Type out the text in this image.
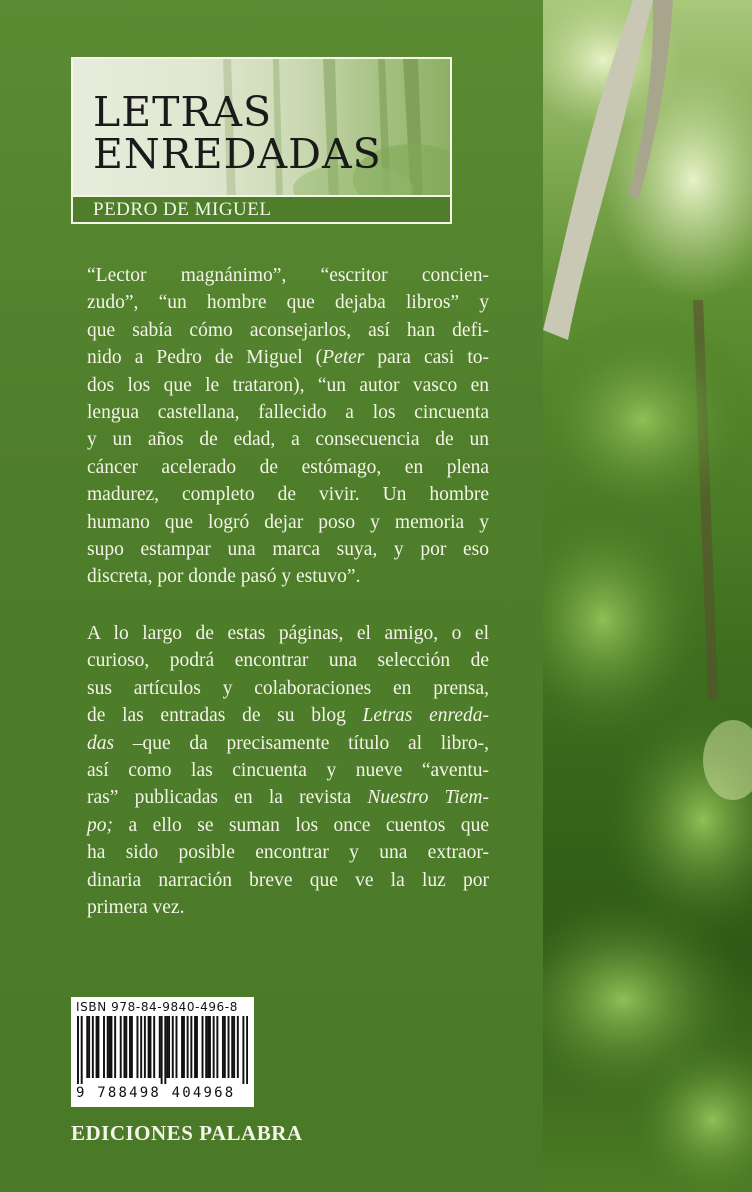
LETRAS
ENREDADAS
PEDRO DE MIGUEL

“Lector magnánimo”, “escritor concien-
zudo”, “un hombre que dejaba libros” y
que sabía cómo aconsejarlos, así han defi-
nido a Pedro de Miguel (Peter para casi to-
dos los que le trataron), “un autor vasco en
lengua castellana, fallecido a los cincuenta
y un años de edad, a consecuencia de un
cáncer acelerado de estómago, en plena
madurez, completo de vivir. Un hombre
humano que logró dejar poso y memoria y
supo estampar una marca suya, y por eso
discreta, por donde pasó y estuvo”.

A lo largo de estas páginas, el amigo, o el
curioso, podrá encontrar una selección de
sus artículos y colaboraciones en prensa,
de las entradas de su blog Letras enreda-
das –que da precisamente título al libro-,
así como las cincuenta y nueve “aventu-
ras” publicadas en la revista Nuestro Tiem-
po; a ello se suman los once cuentos que
ha sido posible encontrar y una extraor-
dinaria narración breve que ve la luz por
primera vez.

ISBN 978-84-9840-496-8
9 788498 404968
EDICIONES PALABRA
